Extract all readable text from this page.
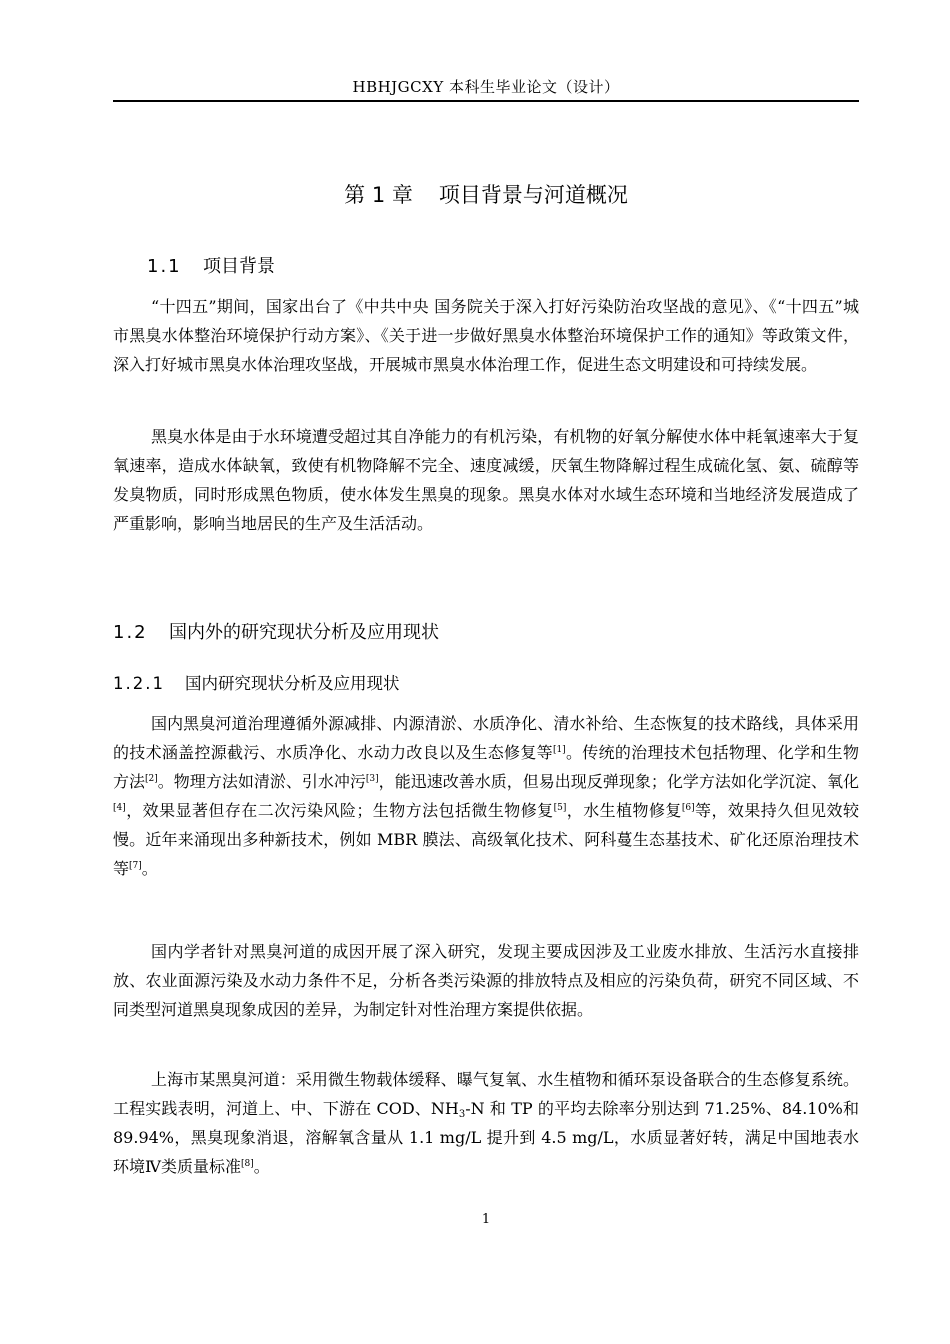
HBHJGCXY 本科生毕业论文（设计）
第 1 章 项目背景与河道概况
1.1 项目背景

“十四五”期间，国家出台了《中共中央 国务院关于深入打好污染防治攻坚战的意见》、《“十四五”城市黑臭水体整治环境保护行动方案》、《关于进一步做好黑臭水体整治环境保护工作的通知》等政策文件，深入打好城市黑臭水体治理攻坚战，开展城市黑臭水体治理工作，促进生态文明建设和可持续发展。

黑臭水体是由于水环境遭受超过其自净能力的有机污染，有机物的好氧分解使水体中耗氧速率大于复氧速率，造成水体缺氧，致使有机物降解不完全、速度减缓，厌氧生物降解过程生成硫化氢、氨、硫醇等发臭物质，同时形成黑色物质，使水体发生黑臭的现象。黑臭水体对水域生态环境和当地经济发展造成了严重影响，影响当地居民的生产及生活活动。

1.2 国内外的研究现状分析及应用现状
1.2.1 国内研究现状分析及应用现状

国内黑臭河道治理遵循外源减排、内源清淤、水质净化、清水补给、生态恢复的技术路线，具体采用的技术涵盖控源截污、水质净化、水动力改良以及生态修复等[1]。传统的治理技术包括物理、化学和生物方法[2]。物理方法如清淤、引水冲污[3]，能迅速改善水质，但易出现反弹现象；化学方法如化学沉淀、氧化[4]，效果显著但存在二次污染风险；生物方法包括微生物修复[5]，水生植物修复[6]等，效果持久但见效较慢。近年来涌现出多种新技术，例如 MBR 膜法、高级氧化技术、阿科蔓生态基技术、矿化还原治理技术等[7]。

国内学者针对黑臭河道的成因开展了深入研究，发现主要成因涉及工业废水排放、生活污水直接排放、农业面源污染及水动力条件不足，分析各类污染源的排放特点及相应的污染负荷，研究不同区域、不同类型河道黑臭现象成因的差异，为制定针对性治理方案提供依据。

上海市某黑臭河道：采用微生物载体缓释、曝气复氧、水生植物和循环泵设备联合的生态修复系统。工程实践表明，河道上、中、下游在 COD、$NH_3-N$ 和 TP 的平均去除率分别达到 71.25%、84.10%和 89.94%，黑臭现象消退，溶解氧含量从 1.1 mg/L 提升到 4.5 mg/L，水质显著好转，满足中国地表水环境Ⅳ类质量标准[8]。

1
